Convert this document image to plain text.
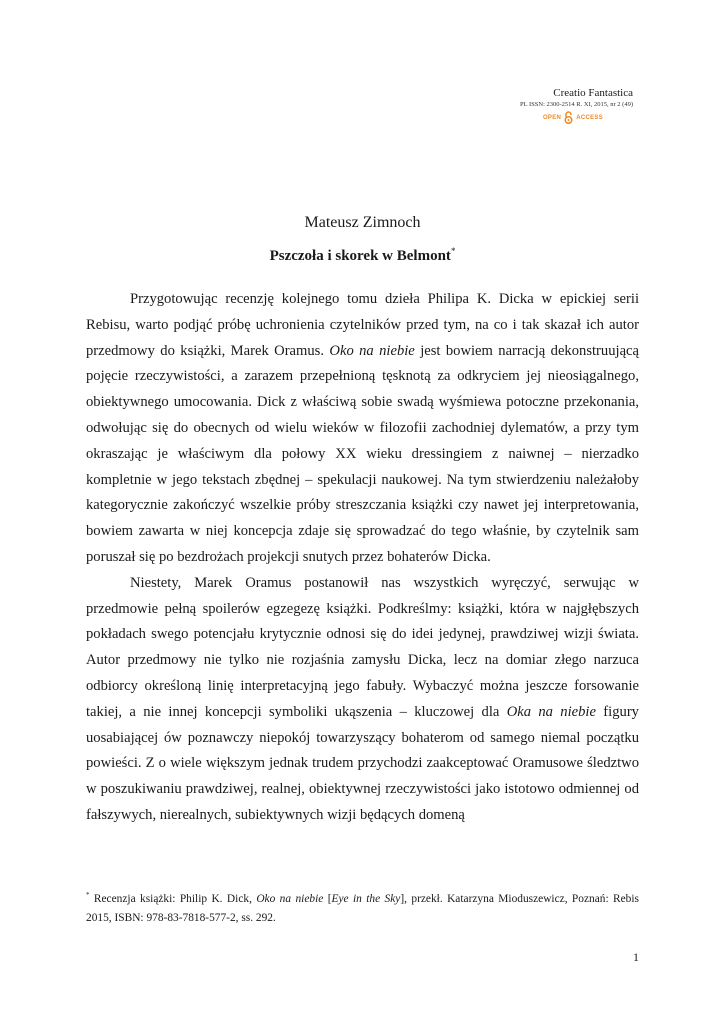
Creatio Fantastica
PL ISSN: 2300-2514 R. XI, 2015, nr 2 (49)
OPEN	ACCESS
Mateusz Zimnoch
Pszczoła i skorek w Belmont*

Przygotowując recenzję kolejnego tomu dzieła Philipa K. Dicka w epickiej serii Rebisu, warto podjąć próbę uchronienia czytelników przed tym, na co i tak skazał ich autor przedmowy do książki, Marek Oramus. Oko na niebie jest bowiem narracją dekonstruującą pojęcie rzeczywistości, a zarazem przepełnioną tęsknotą za odkryciem jej nieosiągalnego, obiektywnego umocowania. Dick z właściwą sobie swadą wyśmiewa potoczne przekonania, odwołując się do obecnych od wielu wieków w filozofii zachodniej dylematów, a przy tym okraszając je właściwym dla połowy XX wieku dressingiem z naiwnej – nierzadko kompletnie w jego tekstach zbędnej – spekulacji naukowej. Na tym stwierdzeniu należałoby kategorycznie zakończyć wszelkie próby streszczania książki czy nawet jej interpretowania, bowiem zawarta w niej koncepcja zdaje się sprowadzać do tego właśnie, by czytelnik sam poruszał się po bezdrożach projekcji snutych przez bohaterów Dicka.

Niestety, Marek Oramus postanowił nas wszystkich wyręczyć, serwując w przedmowie pełną spoilerów egzegezę książki. Podkreślmy: książki, która w najgłębszych pokładach swego potencjału krytycznie odnosi się do idei jedynej, prawdziwej wizji świata. Autor przedmowy nie tylko nie rozjaśnia zamysłu Dicka, lecz na domiar złego narzuca odbiorcy określoną linię interpretacyjną jego fabuły. Wybaczyć można jeszcze forsowanie takiej, a nie innej koncepcji symboliki ukąszenia – kluczowej dla Oka na niebie figury uosabiającej ów poznawczy niepokój towarzyszący bohaterom od samego niemal początku powieści. Z o wiele większym jednak trudem przychodzi zaakceptować Oramusowe śledztwo w poszukiwaniu prawdziwej, realnej, obiektywnej rzeczywistości jako istotowo odmiennej od fałszywych, nierealnych, subiektywnych wizji będących domeną

* Recenzja książki: Philip K. Dick, Oko na niebie [Eye in the Sky], przekł. Katarzyna Mioduszewicz, Poznań: Rebis 2015, ISBN: 978-83-7818-577-2, ss. 292.
1
